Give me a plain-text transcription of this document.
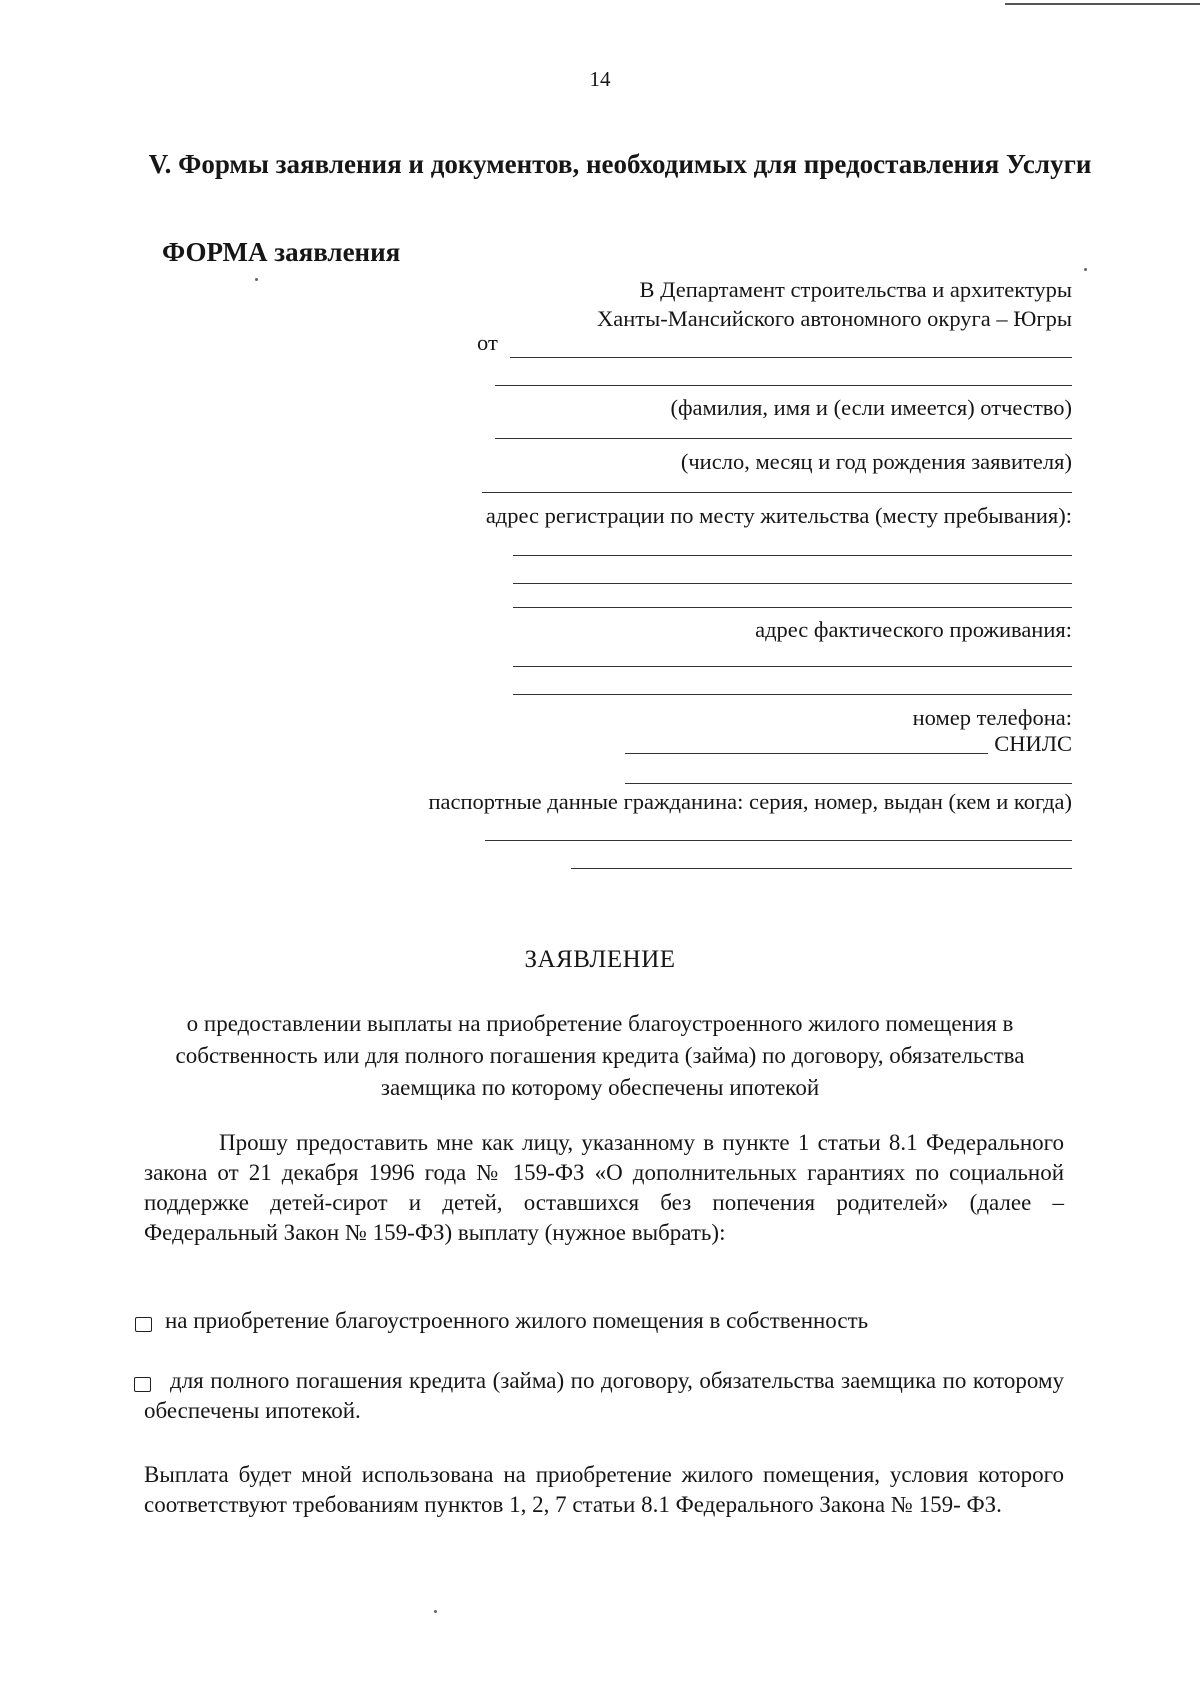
14
V. Формы заявления и документов, необходимых для предоставления Услуги
ФОРМА заявления
В Департамент строительства и архитектуры
Ханты-Мансийского автономного округа – Югры
от
(фамилия, имя и (если имеется) отчество)
(число, месяц и год рождения заявителя)
адрес регистрации по месту жительства (месту пребывания):
адрес фактического проживания:
номер телефона:
СНИЛС
паспортные данные гражданина: серия, номер, выдан (кем и когда)
ЗАЯВЛЕНИЕ
о предоставлении выплаты на приобретение благоустроенного жилого помещения в собственность или для полного погашения кредита (займа) по договору, обязательства заемщика по которому обеспечены ипотекой
Прошу предоставить мне как лицу, указанному в пункте 1 статьи 8.1 Федерального закона от 21 декабря 1996 года № 159-ФЗ «О дополнительных гарантиях по социальной поддержке детей-сирот и детей, оставшихся без попечения родителей» (далее – Федеральный Закон № 159-ФЗ) выплату (нужное выбрать):
на приобретение благоустроенного жилого помещения в собственность
для полного погашения кредита (займа) по договору, обязательства заемщика по которому обеспечены ипотекой.
Выплата будет мной использована на приобретение жилого помещения, условия которого соответствуют требованиям пунктов 1, 2, 7 статьи 8.1 Федерального Закона № 159- ФЗ.
